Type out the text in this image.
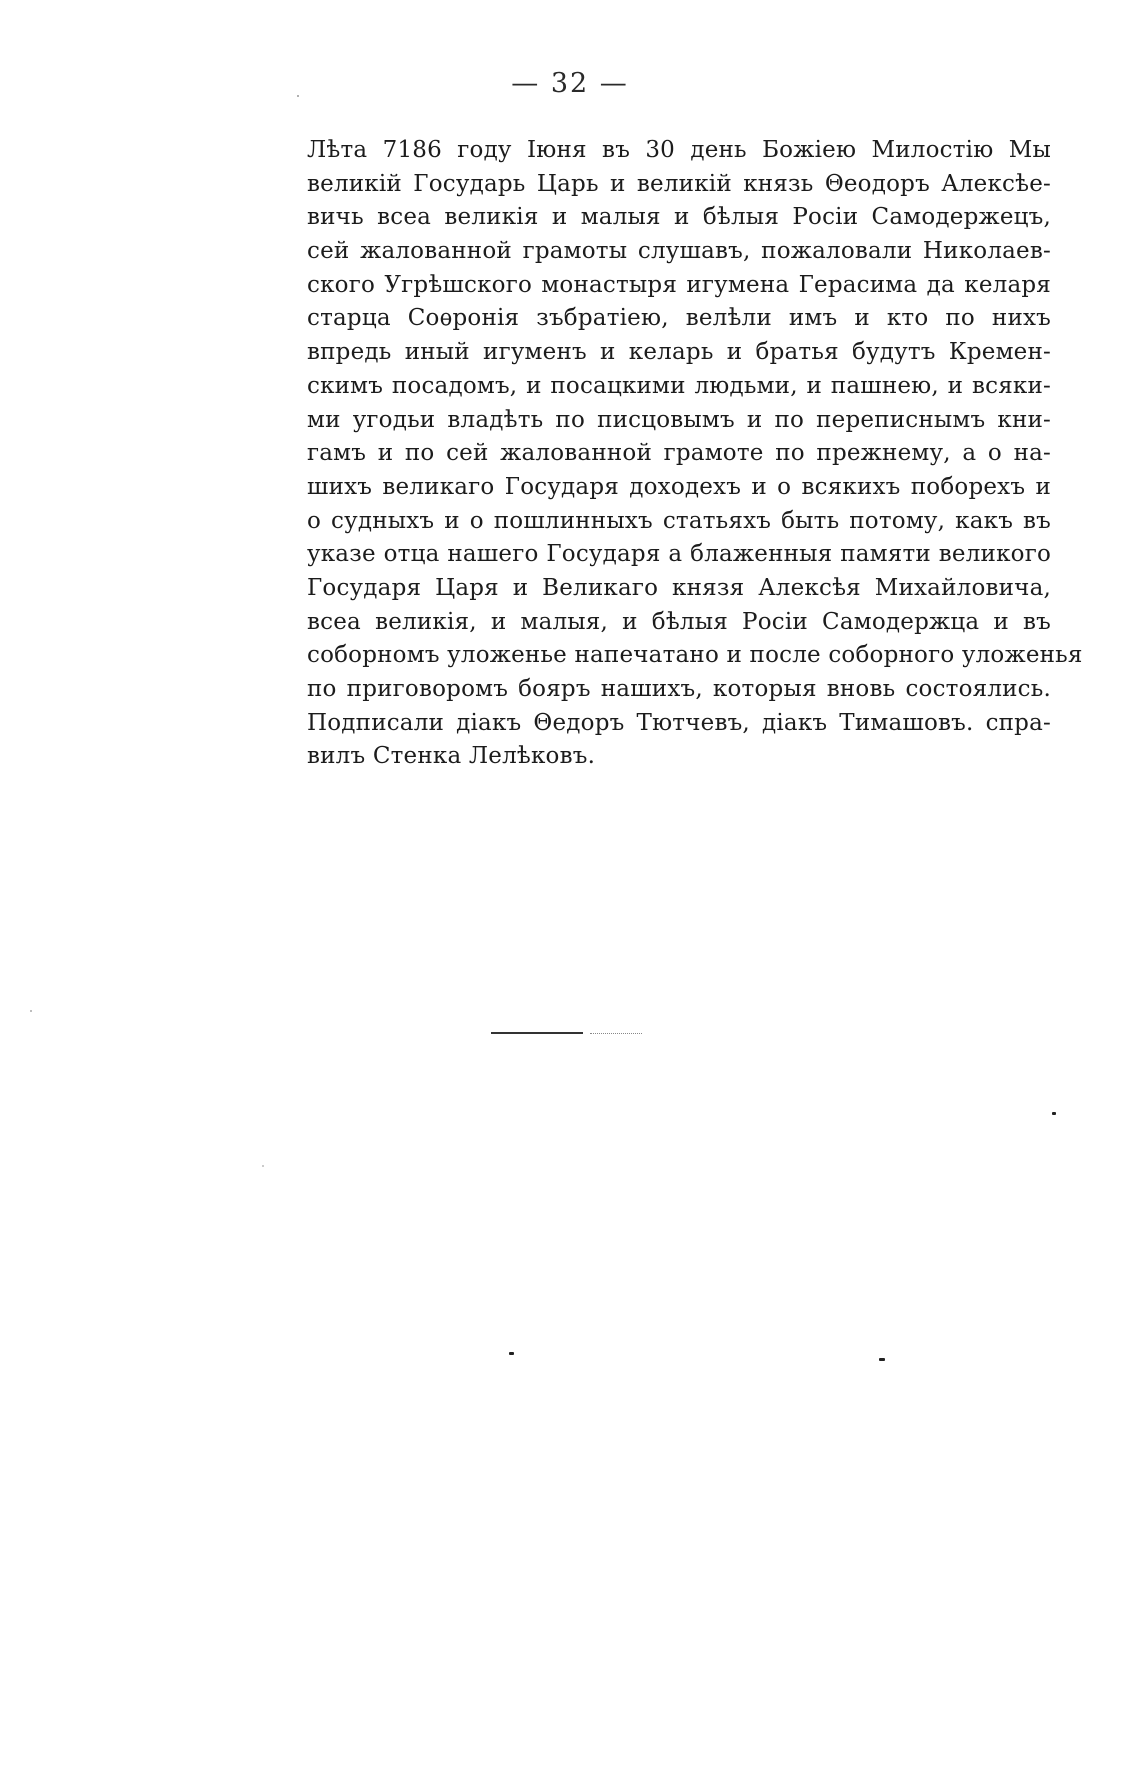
— 32 —
Лѣта 7186 году Іюня въ 30 день Божіею Милостію Мы
великій Государь Царь и великій князь Θеодоръ Алексѣе-
вичь всеа великія и малыя и бѣлыя Росіи Самодержецъ,
сей жалованной грамоты слушавъ, пожаловали Николаев-
ского Угрѣшского монастыря игумена Герасима да келаря
старца Соѳронія зъбратіею, велѣли имъ и кто по нихъ
впредь иный игуменъ и келарь и братья будутъ Кремен-
скимъ посадомъ, и посацкими людьми, и пашнею, и всяки-
ми угодьи владѣть по писцовымъ и по переписнымъ кни-
гамъ и по сей жалованной грамоте по прежнему, а о на-
шихъ великаго Государя доходехъ и о всякихъ поборехъ и
о судныхъ и о пошлинныхъ статьяхъ быть потому, какъ въ
указе отца нашего Государя а блаженныя памяти великого
Государя Царя и Великаго князя Алексѣя Михайловича,
всеа великія, и малыя, и бѣлыя Росіи Самодержца и въ
соборномъ уложенье напечатано и после соборного уложенья
по приговоромъ бояръ нашихъ, которыя вновь состоялись.
Подписали діакъ Θедоръ Тютчевъ, діакъ Тимашовъ. спра-
вилъ Стенка Лелѣковъ.
